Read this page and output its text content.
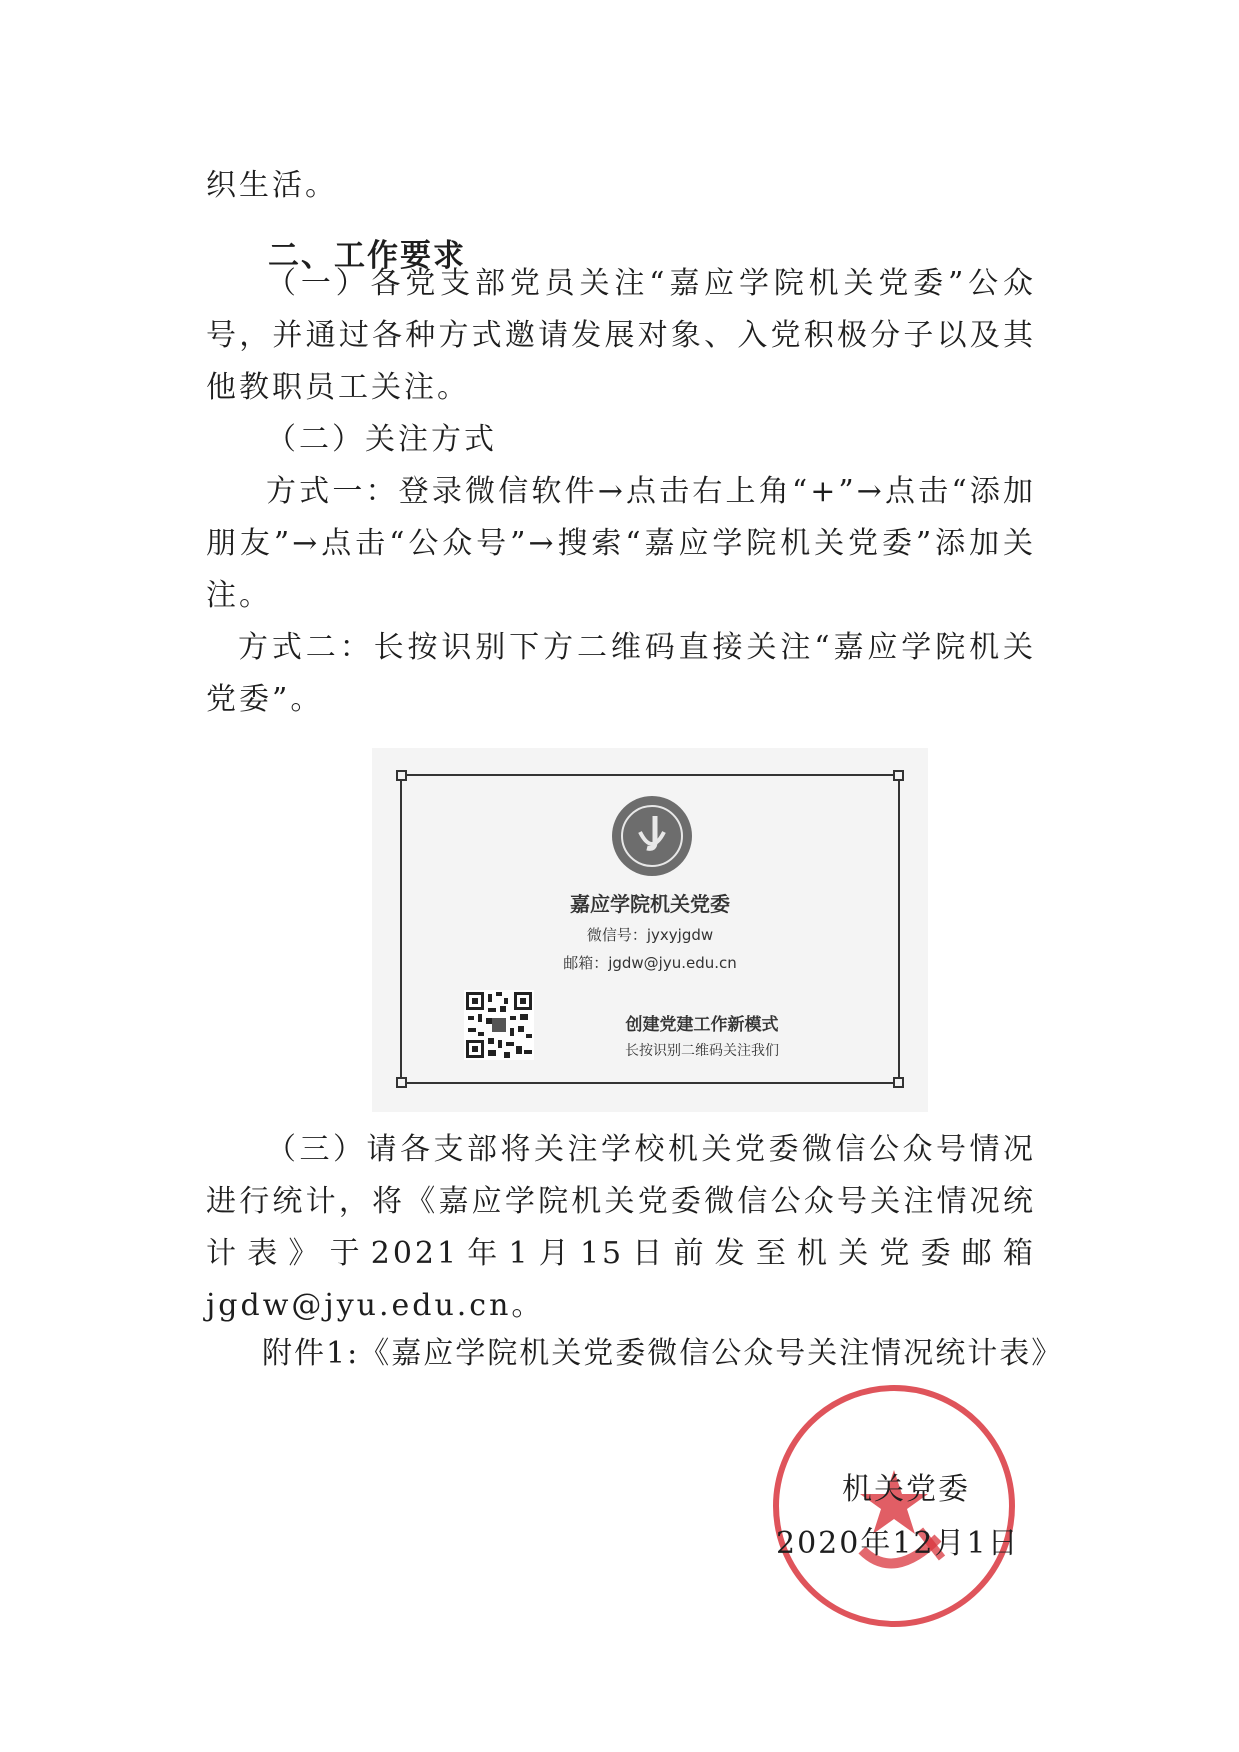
织生活。

二、工作要求

（一）各党支部党员关注“嘉应学院机关党委”公众号，并通过各种方式邀请发展对象、入党积极分子以及其他教职员工关注。

（二）关注方式

方式一：登录微信软件→点击右上角“+”→点击“添加朋友”→点击“公众号”→搜索“嘉应学院机关党委”添加关注。

方式二：长按识别下方二维码直接关注“嘉应学院机关党委”。

嘉应学院机关党委
微信号：jyxyjgdw
邮箱：jgdw@jyu.edu.cn
创建党建工作新模式
长按识别二维码关注我们

（三）请各支部将关注学校机关党委微信公众号情况进行统计，将《嘉应学院机关党委微信公众号关注情况统计表》于2021年1月15日前发至机关党委邮箱jgdw@jyu.edu.cn。

附件1:《嘉应学院机关党委微信公众号关注情况统计表》

机关党委
2020年12月1日
